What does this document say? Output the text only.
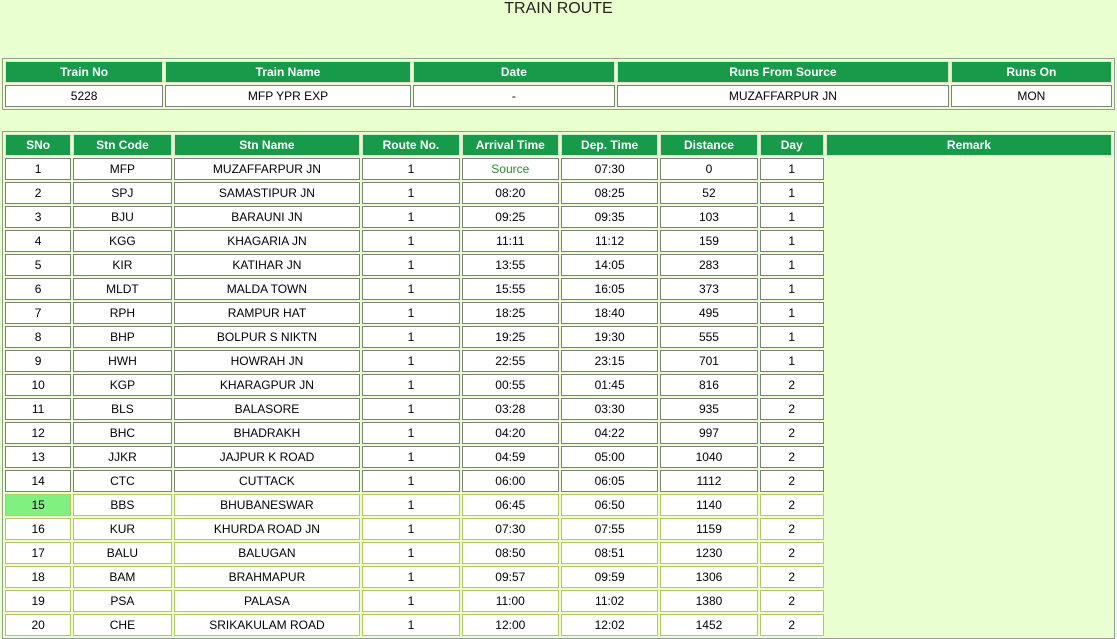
TRAIN ROUTE
Train No	Train Name	Date	Runs From Source	Runs On
5228	MFP YPR EXP	-	MUZAFFARPUR JN	MON
SNo	Stn Code	Stn Name	Route No.	Arrival Time	Dep. Time	Distance	Day	Remark
1	MFP	MUZAFFARPUR JN	1	Source	07:30	0	1	
2	SPJ	SAMASTIPUR JN	1	08:20	08:25	52	1	
3	BJU	BARAUNI JN	1	09:25	09:35	103	1	
4	KGG	KHAGARIA JN	1	11:11	11:12	159	1	
5	KIR	KATIHAR JN	1	13:55	14:05	283	1	
6	MLDT	MALDA TOWN	1	15:55	16:05	373	1	
7	RPH	RAMPUR HAT	1	18:25	18:40	495	1	
8	BHP	BOLPUR S NIKTN	1	19:25	19:30	555	1	
9	HWH	HOWRAH JN	1	22:55	23:15	701	1	
10	KGP	KHARAGPUR JN	1	00:55	01:45	816	2	
11	BLS	BALASORE	1	03:28	03:30	935	2	
12	BHC	BHADRAKH	1	04:20	04:22	997	2	
13	JJKR	JAJPUR K ROAD	1	04:59	05:00	1040	2	
14	CTC	CUTTACK	1	06:00	06:05	1112	2	
15	BBS	BHUBANESWAR	1	06:45	06:50	1140	2	
16	KUR	KHURDA ROAD JN	1	07:30	07:55	1159	2	
17	BALU	BALUGAN	1	08:50	08:51	1230	2	
18	BAM	BRAHMAPUR	1	09:57	09:59	1306	2	
19	PSA	PALASA	1	11:00	11:02	1380	2	
20	CHE	SRIKAKULAM ROAD	1	12:00	12:02	1452	2	
